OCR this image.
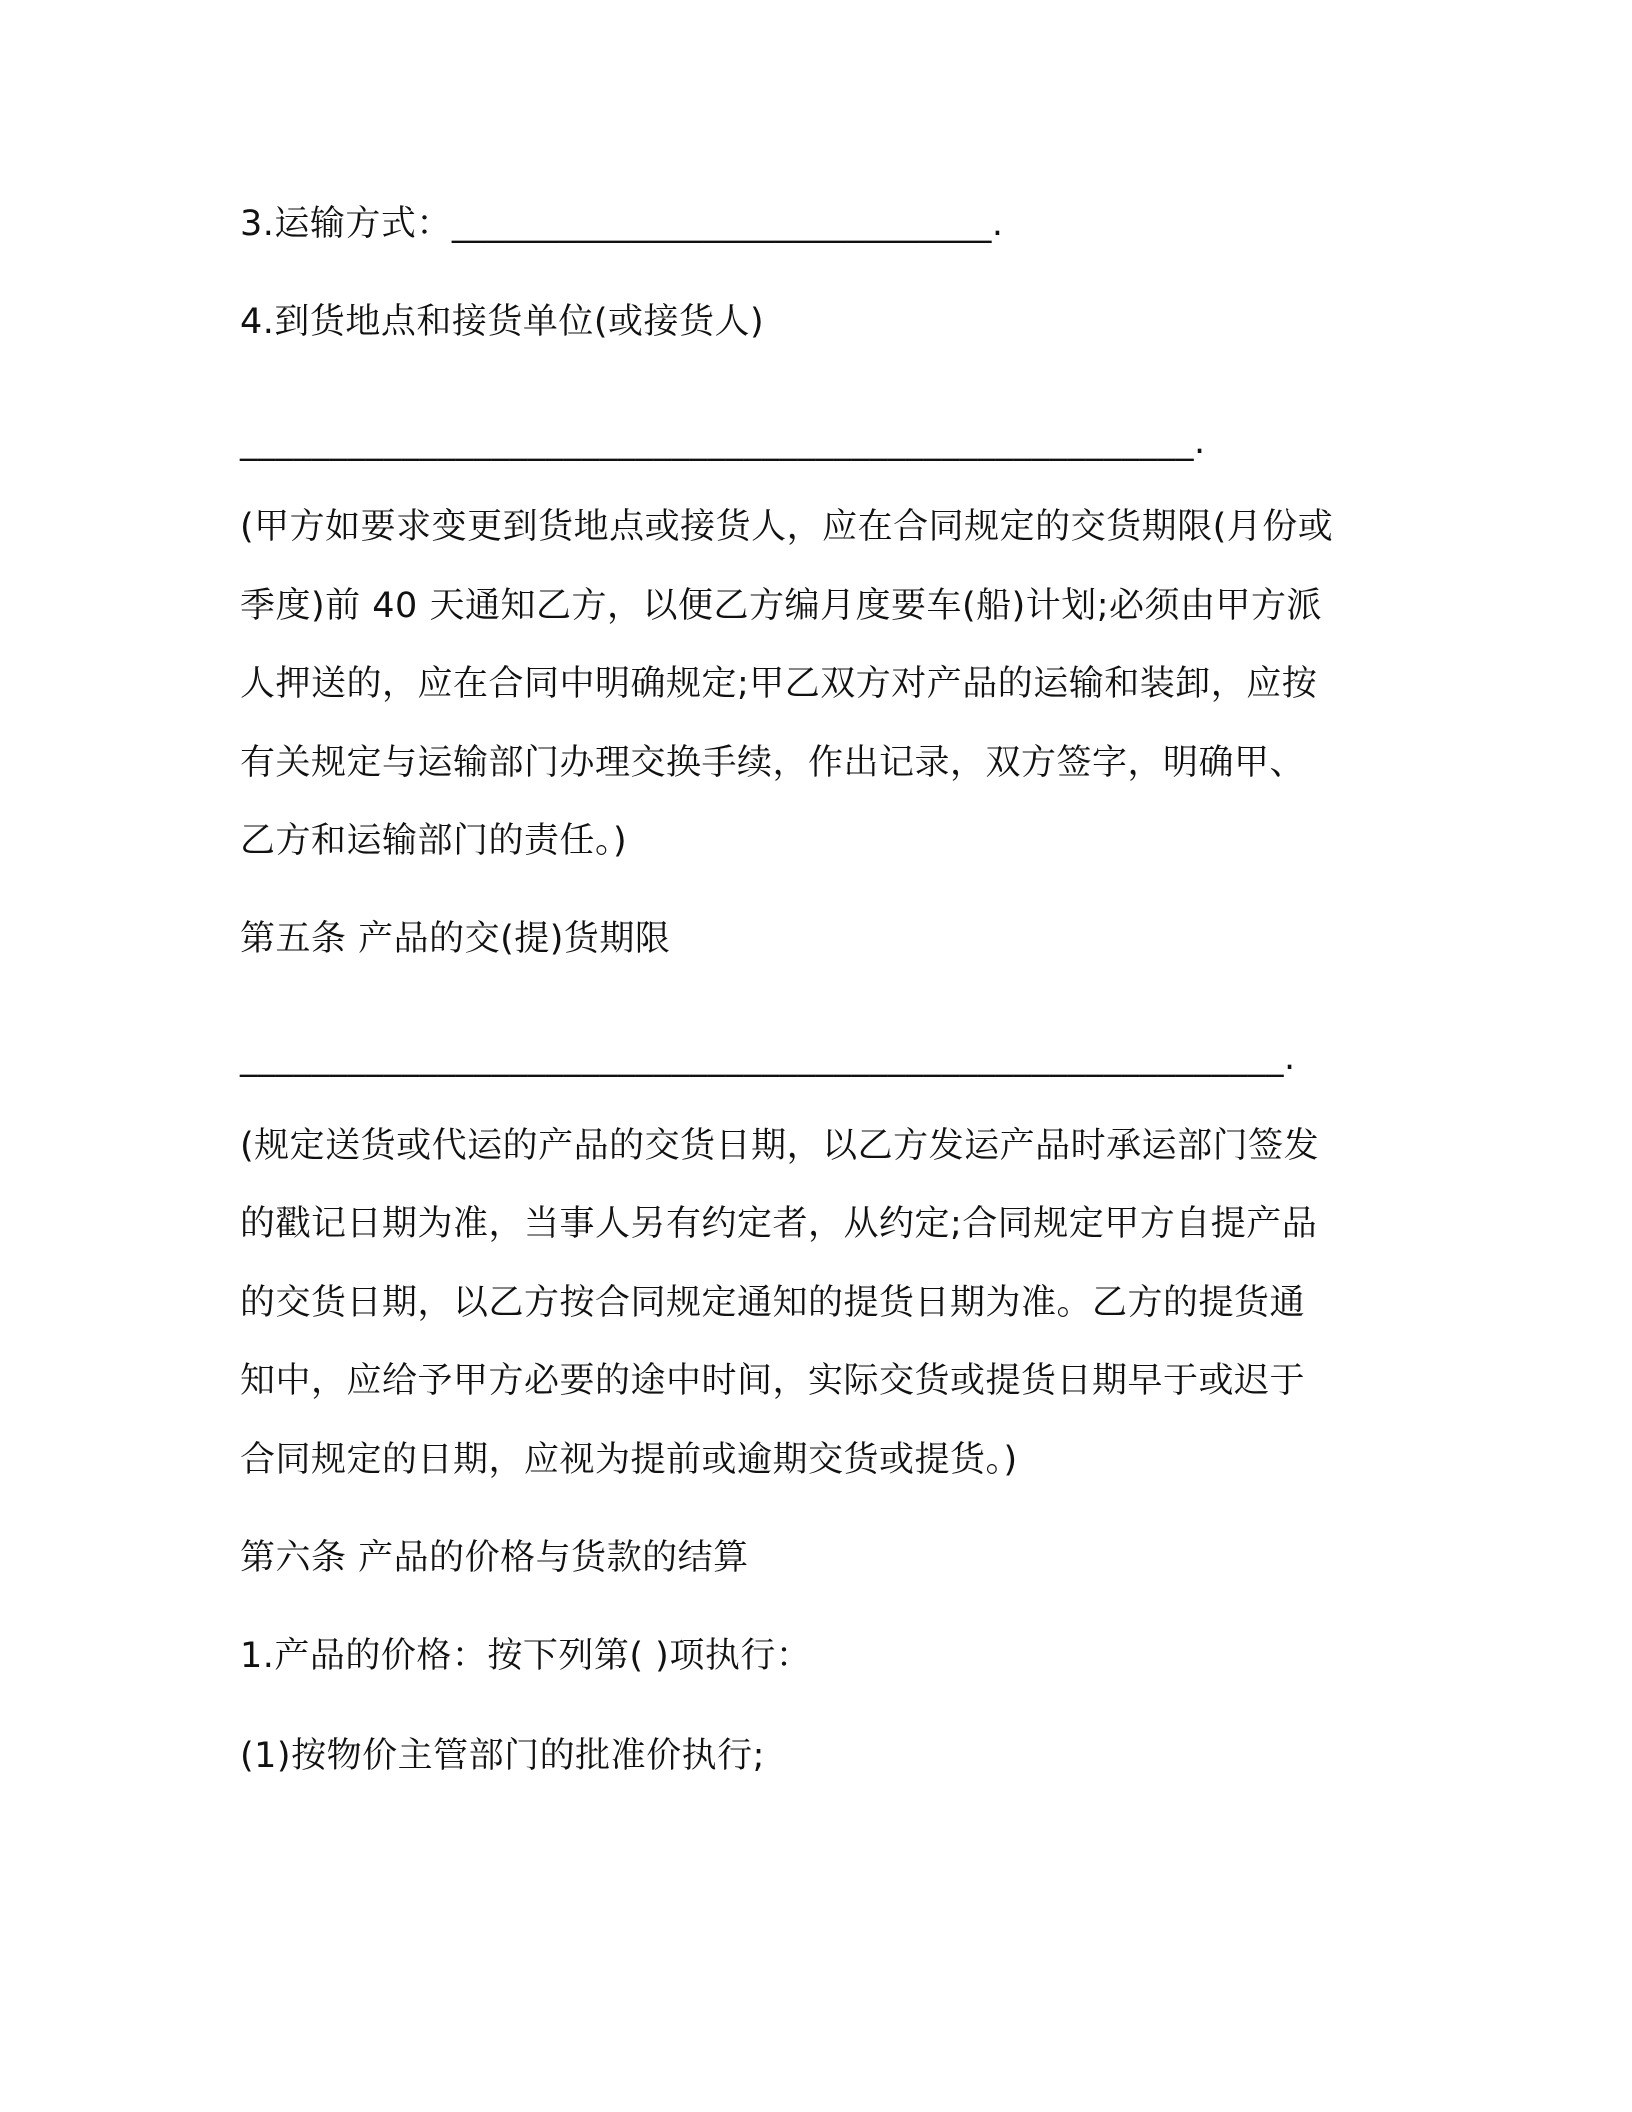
3.运输方式：______________________________.
4.到货地点和接货单位(或接货人)
_____________________________________________________.
(甲方如要求变更到货地点或接货人，应在合同规定的交货期限(月份或
季度)前 40 天通知乙方，以便乙方编月度要车(船)计划;必须由甲方派
人押送的，应在合同中明确规定;甲乙双方对产品的运输和装卸，应按
有关规定与运输部门办理交换手续，作出记录，双方签字，明确甲、
乙方和运输部门的责任。)
第五条 产品的交(提)货期限
__________________________________________________________.
(规定送货或代运的产品的交货日期，以乙方发运产品时承运部门签发
的戳记日期为准，当事人另有约定者，从约定;合同规定甲方自提产品
的交货日期，以乙方按合同规定通知的提货日期为准。乙方的提货通
知中，应给予甲方必要的途中时间，实际交货或提货日期早于或迟于
合同规定的日期，应视为提前或逾期交货或提货。)
第六条 产品的价格与货款的结算
1.产品的价格：按下列第( )项执行：
(1)按物价主管部门的批准价执行;
